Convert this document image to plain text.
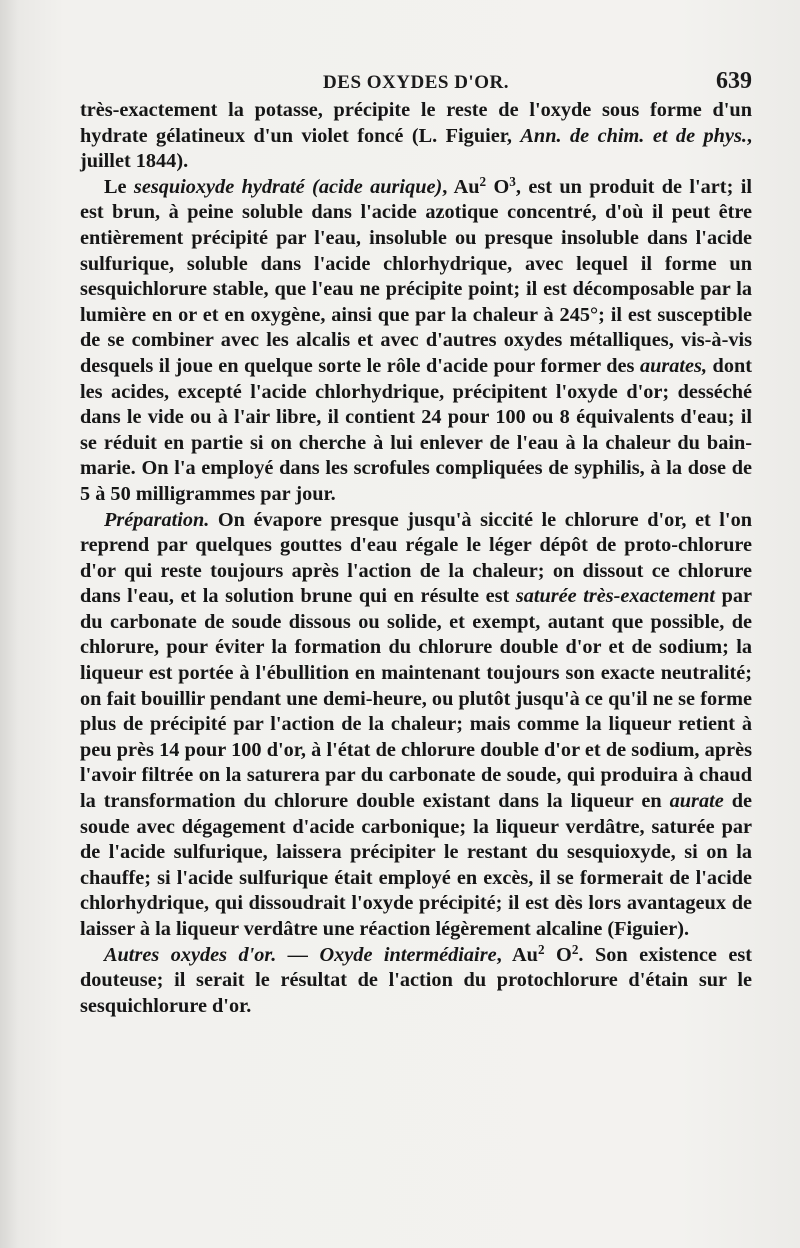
DES OXYDES D'OR.	639

très-exactement la potasse, précipite le reste de l'oxyde sous forme d'un hydrate gélatineux d'un violet foncé (L. Figuier, Ann. de chim. et de phys., juillet 1844).

Le sesquioxyde hydraté (acide aurique), Au$^2$ $O^3$, est un produit de l'art; il est brun, à peine soluble dans l'acide azotique concentré, d'où il peut être entièrement précipité par l'eau, insoluble ou presque insoluble dans l'acide sulfurique, soluble dans l'acide chlorhydrique, avec lequel il forme un sesquichlorure stable, que l'eau ne précipite point; il est décomposable par la lumière en or et en oxygène, ainsi que par la chaleur à 245°; il est susceptible de se combiner avec les alcalis et avec d'autres oxydes métalliques, vis-à-vis desquels il joue en quelque sorte le rôle d'acide pour former des aurates, dont les acides, excepté l'acide chlorhydrique, précipitent l'oxyde d'or; desséché dans le vide ou à l'air libre, il contient 24 pour 100 ou 8 équivalents d'eau; il se réduit en partie si on cherche à lui enlever de l'eau à la chaleur du bain-marie. On l'a employé dans les scrofules compliquées de syphilis, à la dose de 5 à 50 milligrammes par jour.

Préparation. On évapore presque jusqu'à siccité le chlorure d'or, et l'on reprend par quelques gouttes d'eau régale le léger dépôt de proto-chlorure d'or qui reste toujours après l'action de la chaleur; on dissout ce chlorure dans l'eau, et la solution brune qui en résulte est saturée très-exactement par du carbonate de soude dissous ou solide, et exempt, autant que possible, de chlorure, pour éviter la formation du chlorure double d'or et de sodium; la liqueur est portée à l'ébullition en maintenant toujours son exacte neutralité; on fait bouillir pendant une demi-heure, ou plutôt jusqu'à ce qu'il ne se forme plus de précipité par l'action de la chaleur; mais comme la liqueur retient à peu près 14 pour 100 d'or, à l'état de chlorure double d'or et de sodium, après l'avoir filtrée on la saturera par du carbonate de soude, qui produira à chaud la transformation du chlorure double existant dans la liqueur en aurate de soude avec dégagement d'acide carbonique; la liqueur verdâtre, saturée par de l'acide sulfurique, laissera précipiter le restant du sesquioxyde, si on la chauffe; si l'acide sulfurique était employé en excès, il se formerait de l'acide chlorhydrique, qui dissoudrait l'oxyde précipité; il est dès lors avantageux de laisser à la liqueur verdâtre une réaction légèrement alcaline (Figuier).

Autres oxydes d'or. — Oxyde intermédiaire, Au$^2$ $O^2$. Son existence est douteuse; il serait le résultat de l'action du protochlorure d'étain sur le sesquichlorure d'or.
